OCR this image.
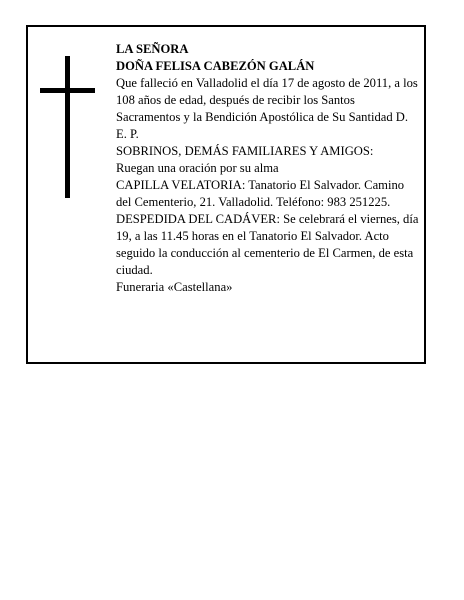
LA SEÑORA

DOÑA FELISA CABEZÓN GALÁN

Que falleció en Valladolid el día 17 de agosto de 2011, a los 108 años de edad, después de recibir los Santos Sacramentos y la Bendición Apostólica de Su Santidad D. E. P.

SOBRINOS, DEMÁS FAMILIARES Y AMIGOS:

Ruegan una oración por su alma

CAPILLA VELATORIA: Tanatorio El Salvador. Camino del Cementerio, 21. Valladolid. Teléfono: 983 251225.

DESPEDIDA DEL CADÁVER: Se celebrará el viernes, día 19, a las 11.45 horas en el Tanatorio El Salvador. Acto seguido la conducción al cementerio de El Carmen, de esta ciudad.

Funeraria «Castellana»
